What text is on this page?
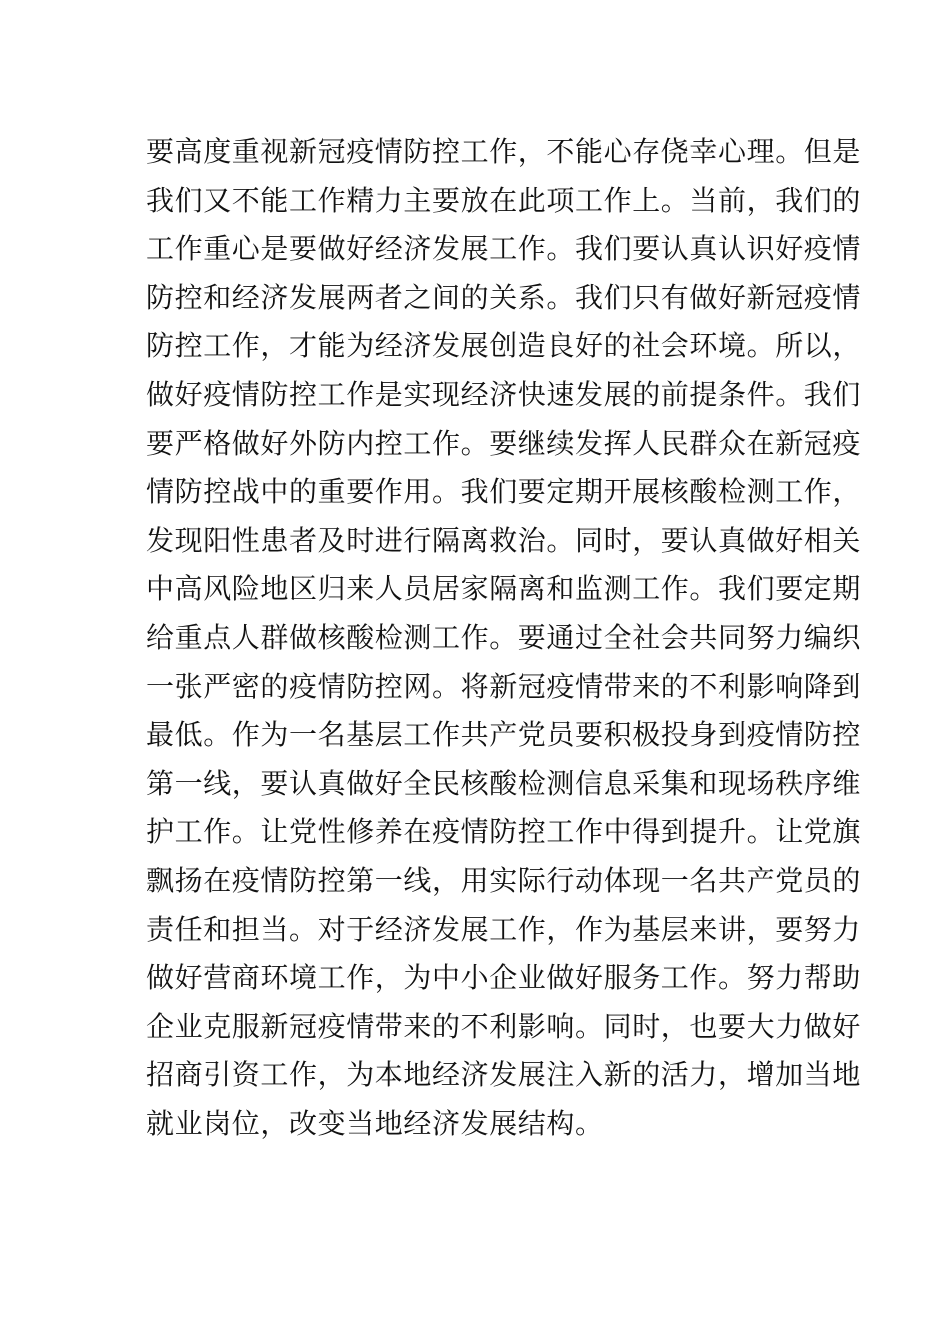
要高度重视新冠疫情防控工作，不能心存侥幸心理。但是
我们又不能工作精力主要放在此项工作上。当前，我们的
工作重心是要做好经济发展工作。我们要认真认识好疫情
防控和经济发展两者之间的关系。我们只有做好新冠疫情
防控工作，才能为经济发展创造良好的社会环境。所以，
做好疫情防控工作是实现经济快速发展的前提条件。我们
要严格做好外防内控工作。要继续发挥人民群众在新冠疫
情防控战中的重要作用。我们要定期开展核酸检测工作，
发现阳性患者及时进行隔离救治。同时，要认真做好相关
中高风险地区归来人员居家隔离和监测工作。我们要定期
给重点人群做核酸检测工作。要通过全社会共同努力编织
一张严密的疫情防控网。将新冠疫情带来的不利影响降到
最低。作为一名基层工作共产党员要积极投身到疫情防控
第一线，要认真做好全民核酸检测信息采集和现场秩序维
护工作。让党性修养在疫情防控工作中得到提升。让党旗
飘扬在疫情防控第一线，用实际行动体现一名共产党员的
责任和担当。对于经济发展工作，作为基层来讲，要努力
做好营商环境工作，为中小企业做好服务工作。努力帮助
企业克服新冠疫情带来的不利影响。同时，也要大力做好
招商引资工作，为本地经济发展注入新的活力，增加当地
就业岗位，改变当地经济发展结构。
